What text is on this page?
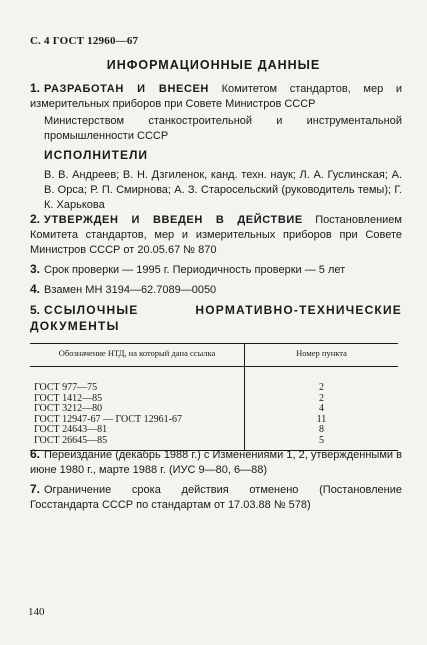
С. 4 ГОСТ 12960—67
ИНФОРМАЦИОННЫЕ ДАННЫЕ
1. РАЗРАБОТАН И ВНЕСЕН Комитетом стандартов, мер и измерительных приборов при Совете Министров СССР
Министерством станкостроительной и инструментальной промышленности СССР
ИСПОЛНИТЕЛИ
В. В. Андреев; В. Н. Дзгиленок, канд. техн. наук; Л. А. Гуслинская; А. В. Орса; Р. П. Смирнова; А. З. Старосельский (руководитель темы); Г. К. Харькова
2. УТВЕРЖДЕН И ВВЕДЕН В ДЕЙСТВИЕ Постановлением Комитета стандартов, мер и измерительных приборов при Совете Министров СССР от 20.05.67 № 870
3. Срок проверки — 1995 г. Периодичность проверки — 5 лет
4. Взамен МН 3194—62.7089—0050
5. ССЫЛОЧНЫЕ НОРМАТИВНО-ТЕХНИЧЕСКИЕ ДОКУМЕНТЫ
Обозначение НТД, на который дана ссылка	Номер пункта
ГОСТ 977—75	2
ГОСТ 1412—85	2
ГОСТ 3212—80	4
ГОСТ 12947-67 — ГОСТ 12961-67	11
ГОСТ 24643—81	8
ГОСТ 26645—85	5
6. Переиздание (декабрь 1988 г.) с Изменениями 1, 2, утвержденными в июне 1980 г., марте 1988 г. (ИУС 9—80, 6—88)
7. Ограничение срока действия отменено (Постановление Госстандарта СССР по стандартам от 17.03.88 № 578)
140
